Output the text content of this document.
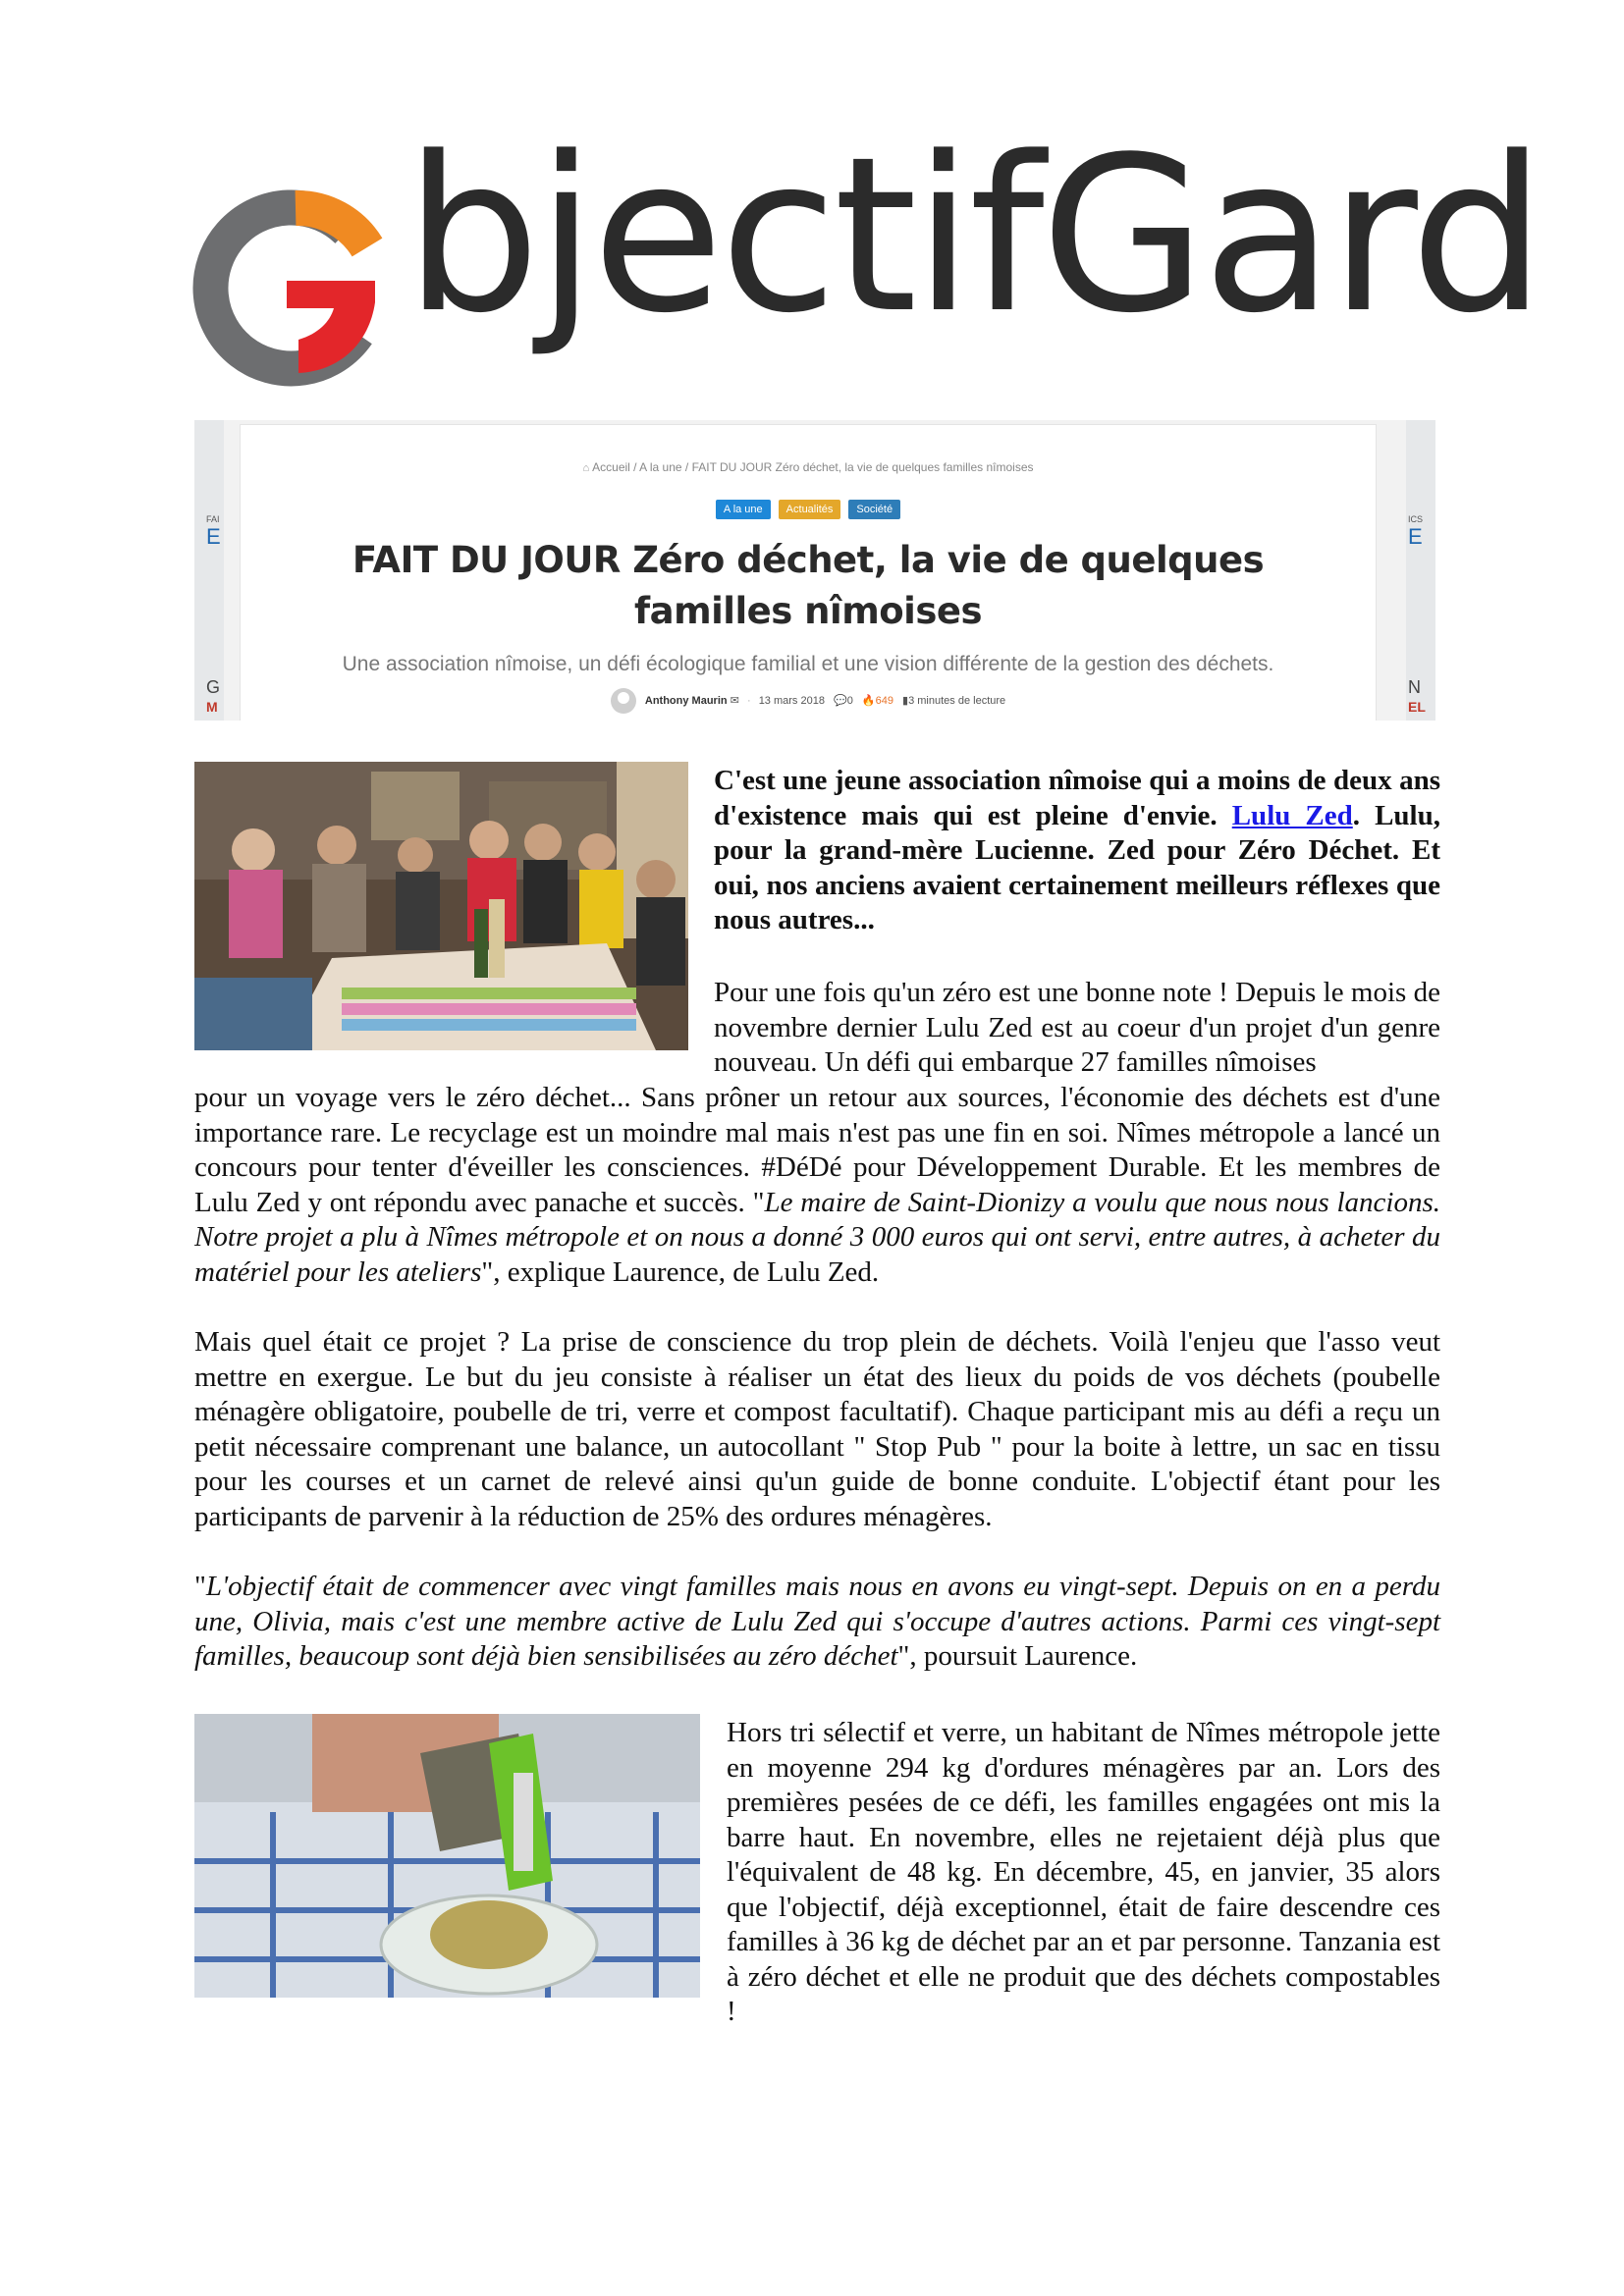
bjectifGard
FAI
E
G
M
ICS
E
N
EL
⌂ Accueil / A la une / FAIT DU JOUR Zéro déchet, la vie de quelques familles nîmoises
A la une Actualités Société
FAIT DU JOUR Zéro déchet, la vie de quelques familles nîmoises
Une association nîmoise, un défi écologique familial et une vision différente de la gestion des déchets.
Anthony Maurin ✉ · 13 mars 2018 💬0 🔥649 ▮3 minutes de lecture

C'est une jeune association nîmoise qui a moins de deux ans d'existence mais qui est pleine d'envie. Lulu Zed. Lulu, pour la grand-mère Lucienne. Zed pour Zéro Déchet. Et oui, nos anciens avaient certainement meilleurs réflexes que nous autres...

Pour une fois qu'un zéro est une bonne note ! Depuis le mois de novembre dernier Lulu Zed est au coeur d'un projet d'un genre nouveau. Un défi qui embarque 27 familles nîmoises

pour un voyage vers le zéro déchet... Sans prôner un retour aux sources, l'économie des déchets est d'une importance rare. Le recyclage est un moindre mal mais n'est pas une fin en soi. Nîmes métropole a lancé un concours pour tenter d'éveiller les consciences. #DéDé pour Développement Durable. Et les membres de Lulu Zed y ont répondu avec panache et succès. "Le maire de Saint-Dionizy a voulu que nous nous lancions. Notre projet a plu à Nîmes métropole et on nous a donné 3 000 euros qui ont servi, entre autres, à acheter du matériel pour les ateliers", explique Laurence, de Lulu Zed.

Mais quel était ce projet ? La prise de conscience du trop plein de déchets. Voilà l'enjeu que l'asso veut mettre en exergue. Le but du jeu consiste à réaliser un état des lieux du poids de vos déchets (poubelle ménagère obligatoire, poubelle de tri, verre et compost facultatif). Chaque participant mis au défi a reçu un petit nécessaire comprenant une balance, un autocollant " Stop Pub " pour la boite à lettre, un sac en tissu pour les courses et un carnet de relevé ainsi qu'un guide de bonne conduite. L'objectif étant pour les participants de parvenir à la réduction de 25% des ordures ménagères.

"L'objectif était de commencer avec vingt familles mais nous en avons eu vingt-sept. Depuis on en a perdu une, Olivia, mais c'est une membre active de Lulu Zed qui s'occupe d'autres actions. Parmi ces vingt-sept familles, beaucoup sont déjà bien sensibilisées au zéro déchet", poursuit Laurence.

Hors tri sélectif et verre, un habitant de Nîmes métropole jette en moyenne 294 kg d'ordures ménagères par an. Lors des premières pesées de ce défi, les familles engagées ont mis la barre haut. En novembre, elles ne rejetaient déjà plus que l'équivalent de 48 kg. En décembre, 45, en janvier, 35 alors que l'objectif, déjà exceptionnel, était de faire descendre ces familles à 36 kg de déchet par an et par personne. Tanzania est à zéro déchet et elle ne produit que des déchets compostables !
